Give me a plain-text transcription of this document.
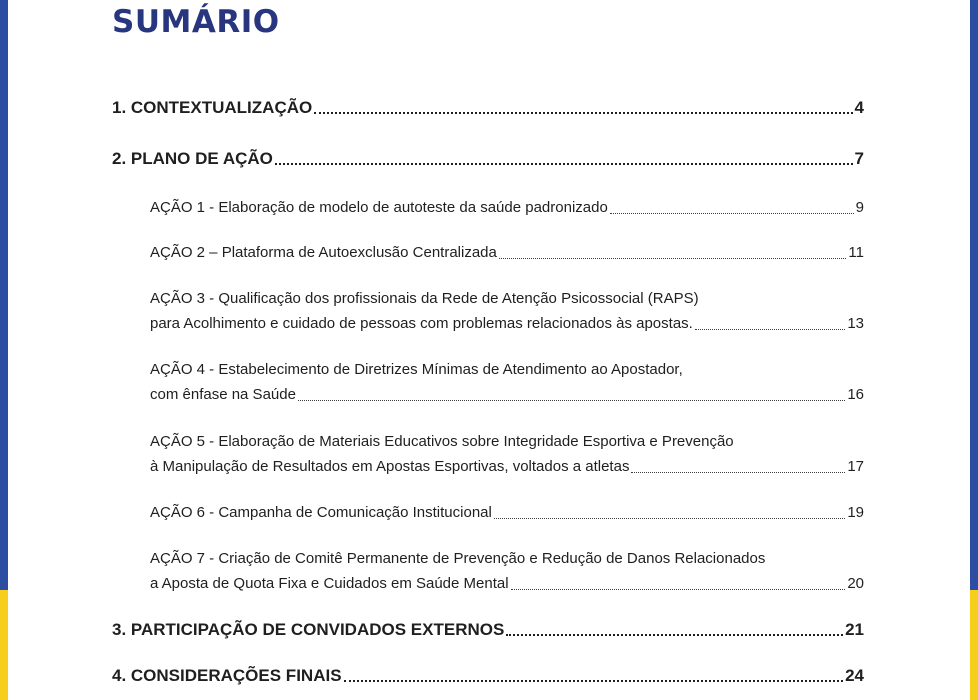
SUMÁRIO
1. CONTEXTUALIZAÇÃO	4
2. PLANO DE AÇÃO	7
AÇÃO 1 - Elaboração de modelo de autoteste da saúde padronizado	9
AÇÃO 2 – Plataforma de Autoexclusão Centralizada	11
AÇÃO 3 - Qualificação dos profissionais da Rede de Atenção Psicossocial (RAPS)
para Acolhimento e cuidado de pessoas com problemas relacionados às apostas.	13
AÇÃO 4 - Estabelecimento de Diretrizes Mínimas de Atendimento ao Apostador,
com ênfase na Saúde	16
AÇÃO 5 - Elaboração de Materiais Educativos sobre Integridade Esportiva e Prevenção
à Manipulação de Resultados em Apostas Esportivas, voltados a atletas	17
AÇÃO 6 - Campanha de Comunicação Institucional	19
AÇÃO 7 - Criação de Comitê Permanente de Prevenção e Redução de Danos Relacionados
a Aposta de Quota Fixa e Cuidados em Saúde Mental	20
3. PARTICIPAÇÃO DE CONVIDADOS EXTERNOS	21
4. CONSIDERAÇÕES FINAIS	24
